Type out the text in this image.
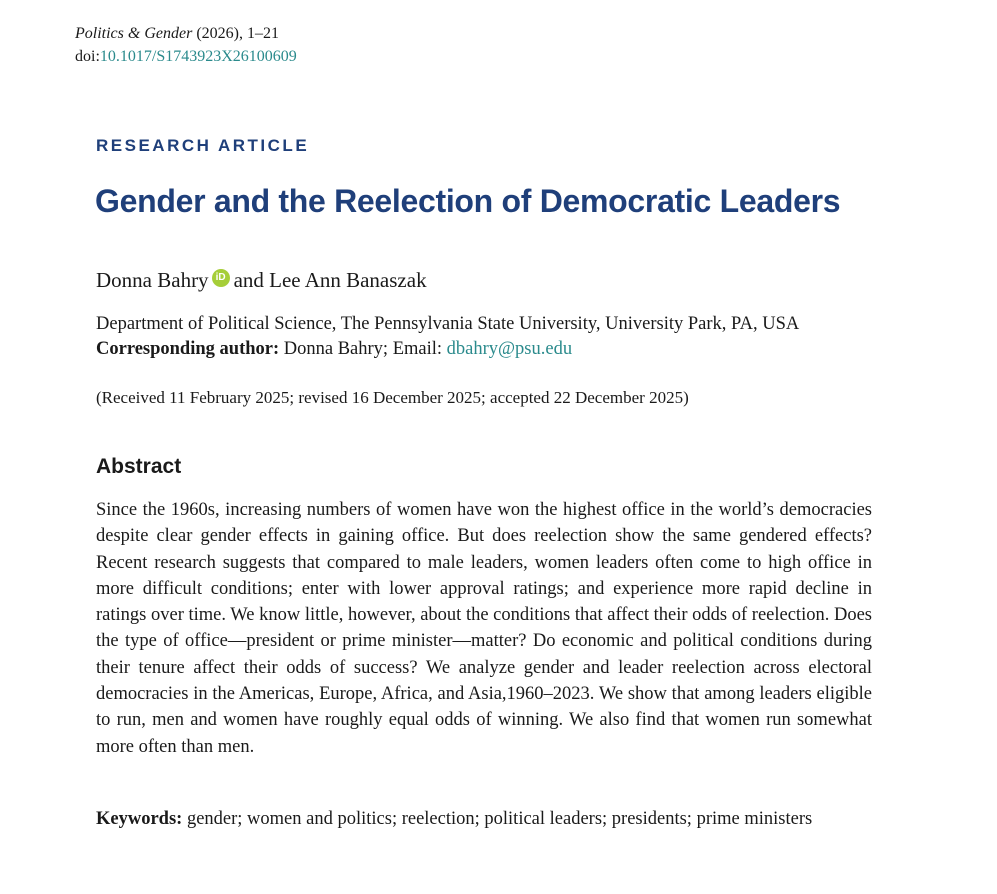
Politics & Gender (2026), 1–21
doi:10.1017/S1743923X26100609
RESEARCH ARTICLE
Gender and the Reelection of Democratic Leaders
Donna Bahry iD and Lee Ann Banaszak
Department of Political Science, The Pennsylvania State University, University Park, PA, USA
Corresponding author: Donna Bahry; Email: dbahry@psu.edu
(Received 11 February 2025; revised 16 December 2025; accepted 22 December 2025)
Abstract

Since the 1960s, increasing numbers of women have won the highest office in the world’s democracies despite clear gender effects in gaining office. But does reelection show the same gendered effects? Recent research suggests that compared to male leaders, women leaders often come to high office in more difficult conditions; enter with lower approval ratings; and experience more rapid decline in ratings over time. We know little, however, about the conditions that affect their odds of reelection. Does the type of office—president or prime minister—matter? Do economic and political conditions during their tenure affect their odds of success? We analyze gender and leader reelection across electoral democracies in the Americas, Europe, Africa, and Asia,1960–2023. We show that among leaders eligible to run, men and women have roughly equal odds of winning. We also find that women run somewhat more often than men.

Keywords: gender; women and politics; reelection; political leaders; presidents; prime ministers
